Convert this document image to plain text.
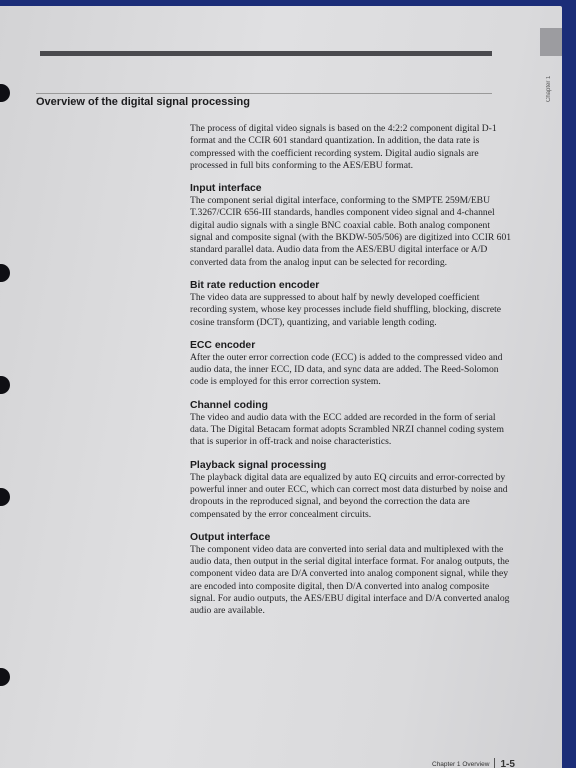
Chapter 1
Overview of the digital signal processing

The process of digital video signals is based on the 4:2:2 component digital D-1 format and the CCIR 601 standard quantization. In addition, the data rate is compressed with the coefficient recording system. Digital audio signals are processed in full bits conforming to the AES/EBU format.

Input interface

The component serial digital interface, conforming to the SMPTE 259M/EBU T.3267/CCIR 656-III standards, handles component video signal and 4-channel digital audio signals with a single BNC coaxial cable. Both analog component signal and composite signal (with the BKDW-505/506) are digitized into CCIR 601 standard parallel data. Audio data from the AES/EBU digital interface or A/D converted data from the analog input can be selected for recording.

Bit rate reduction encoder

The video data are suppressed to about half by newly developed coefficient recording system, whose key processes include field shuffling, blocking, discrete cosine transform (DCT), quantizing, and variable length coding.

ECC encoder

After the outer error correction code (ECC) is added to the compressed video and audio data, the inner ECC, ID data, and sync data are added. The Reed-Solomon code is employed for this error correction system.

Channel coding

The video and audio data with the ECC added are recorded in the form of serial data. The Digital Betacam format adopts Scrambled NRZI channel coding system that is superior in off-track and noise characteristics.

Playback signal processing

The playback digital data are equalized by auto EQ circuits and error-corrected by powerful inner and outer ECC, which can correct most data disturbed by noise and dropouts in the reproduced signal, and beyond the correction the data are compensated by the error concealment circuits.

Output interface

The component video data are converted into serial data and multiplexed with the audio data, then output in the serial digital interface format. For analog outputs, the component video data are D/A converted into analog component signal, while they are encoded into composite digital, then D/A converted into analog composite signal. For audio outputs, the AES/EBU digital interface and D/A converted analog audio are available.

Chapter 1 Overview 1-5
